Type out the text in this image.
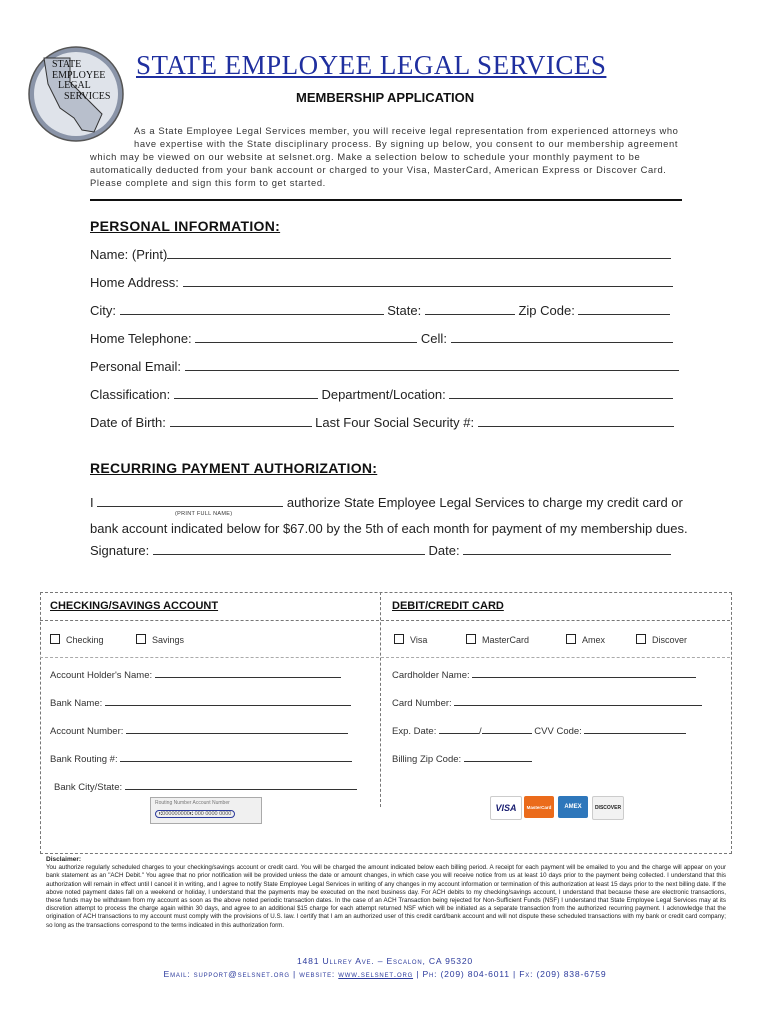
STATE
EMPLOYEE
LEGAL
SERVICES
STATE EMPLOYEE LEGAL SERVICES
MEMBERSHIP APPLICATION
As a State Employee Legal Services member, you will receive legal representation from experienced attorneys who
have expertise with the State disciplinary process. By signing up below, you consent to our membership agreement
which may be viewed on our website at selsnet.org. Make a selection below to schedule your monthly payment to be
automatically deducted from your bank account or charged to your Visa, MasterCard, American Express or Discover Card.
Please complete and sign this form to get started.
PERSONAL INFORMATION:
Name: (Print)
Home Address:
City:	State:	Zip Code:
Home Telephone:	Cell:
Personal Email:
Classification:	Department/Location:
Date of Birth:	Last Four Social Security #:
RECURRING PAYMENT AUTHORIZATION:
I	authorize State Employee Legal Services to charge my credit card or
(PRINT FULL NAME)
bank account indicated below for $67.00 by the 5th of each month for payment of my membership dues.
Signature:	Date:
CHECKING/SAVINGS ACCOUNT	DEBIT/CREDIT CARD
Checking	Savings	Visa	MasterCard	Amex	Discover
Account Holder's Name:
Bank Name:
Account Number:
Bank Routing #:
Bank City/State:
Routing Number Account Number
⑆000000000⑆ 000 0000 0000
Cardholder Name:
Card Number:
Exp. Date:	/	CVV Code:
Billing Zip Code:
VISA	MasterCard	AMEX	DISCOVER
Disclaimer:
You authorize regularly scheduled charges to your checking/savings account or credit card. You will be charged the amount indicated below each billing period. A receipt for each payment will be emailed to you and the charge will appear on your bank statement as an "ACH Debit." You agree that no prior notification will be provided unless the date or amount changes, in which case you will receive notice from us at least 10 days prior to the payment being collected. I understand that this authorization will remain in effect until I cancel it in writing, and I agree to notify State Employee Legal Services in writing of any changes in my account information or termination of this authorization at least 15 days prior to the next billing date. If the above noted payment dates fall on a weekend or holiday, I understand that the payments may be executed on the next business day. For ACH debits to my checking/savings account, I understand that because these are electronic transactions, these funds may be withdrawn from my account as soon as the above noted periodic transaction dates. In the case of an ACH Transaction being rejected for Non-Sufficient Funds (NSF) I understand that State Employee Legal Services may at its discretion attempt to process the charge again within 30 days, and agree to an additional $15 charge for each attempt returned NSF which will be initiated as a separate transaction from the authorized recurring payment. I acknowledge that the origination of ACH transactions to my account must comply with the provisions of U.S. law. I certify that I am an authorized user of this credit card/bank account and will not dispute these scheduled transactions with my bank or credit card company; so long as the transactions correspond to the terms indicated in this authorization form.
1481 Ullrey Ave. – Escalon, CA 95320
Email: support@selsnet.org | website: www.selsnet.org | Ph: (209) 804-6011 | Fx: (209) 838-6759
